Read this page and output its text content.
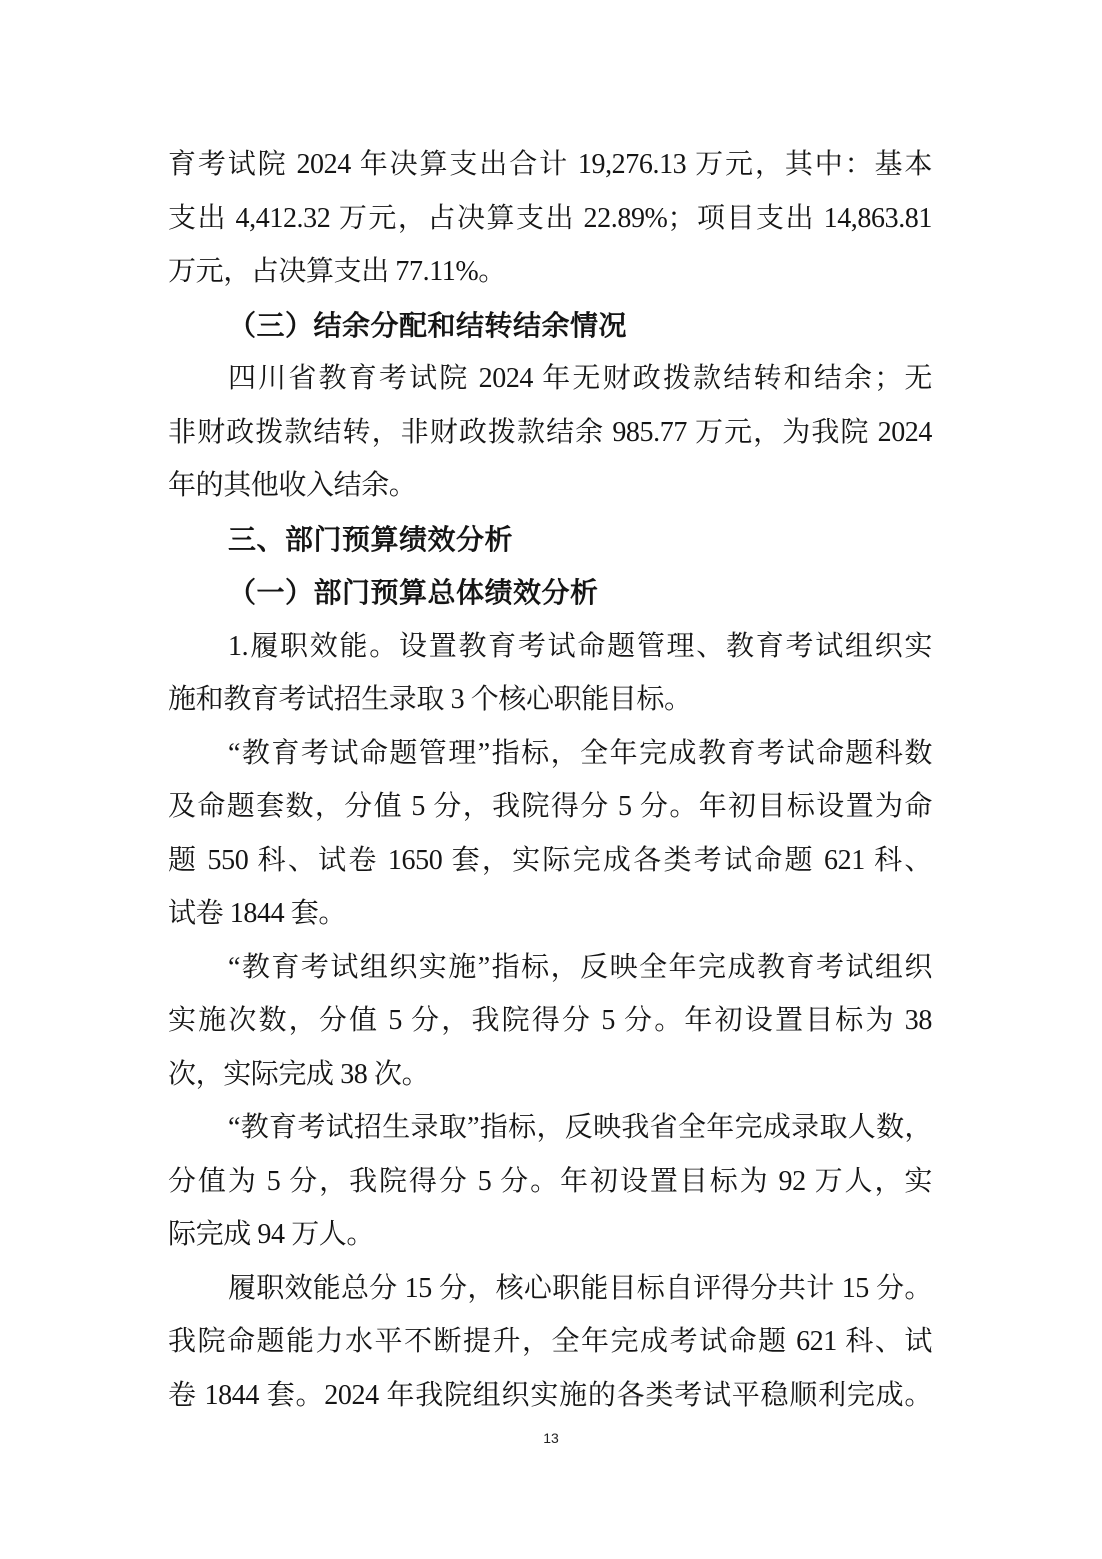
育考试院 2024 年决算支出合计 19,276.13 万元，其中：基本
支出 4,412.32 万元，占决算支出 22.89%；项目支出 14,863.81
万元，占决算支出 77.11%。
（三）结余分配和结转结余情况
四川省教育考试院 2024 年无财政拨款结转和结余；无
非财政拨款结转，非财政拨款结余 985.77 万元，为我院 2024
年的其他收入结余。
三、部门预算绩效分析
（一）部门预算总体绩效分析
1.履职效能。设置教育考试命题管理、教育考试组织实
施和教育考试招生录取 3 个核心职能目标。
“教育考试命题管理”指标，全年完成教育考试命题科数
及命题套数，分值 5 分，我院得分 5 分。年初目标设置为命
题 550 科、试卷 1650 套，实际完成各类考试命题 621 科、
试卷 1844 套。
“教育考试组织实施”指标，反映全年完成教育考试组织
实施次数，分值 5 分，我院得分 5 分。年初设置目标为 38
次，实际完成 38 次。
“教育考试招生录取”指标，反映我省全年完成录取人数，
分值为 5 分，我院得分 5 分。年初设置目标为 92 万人，实
际完成 94 万人。
履职效能总分 15 分，核心职能目标自评得分共计 15 分。
我院命题能力水平不断提升，全年完成考试命题 621 科、试
卷 1844 套。2024 年我院组织实施的各类考试平稳顺利完成。
13
